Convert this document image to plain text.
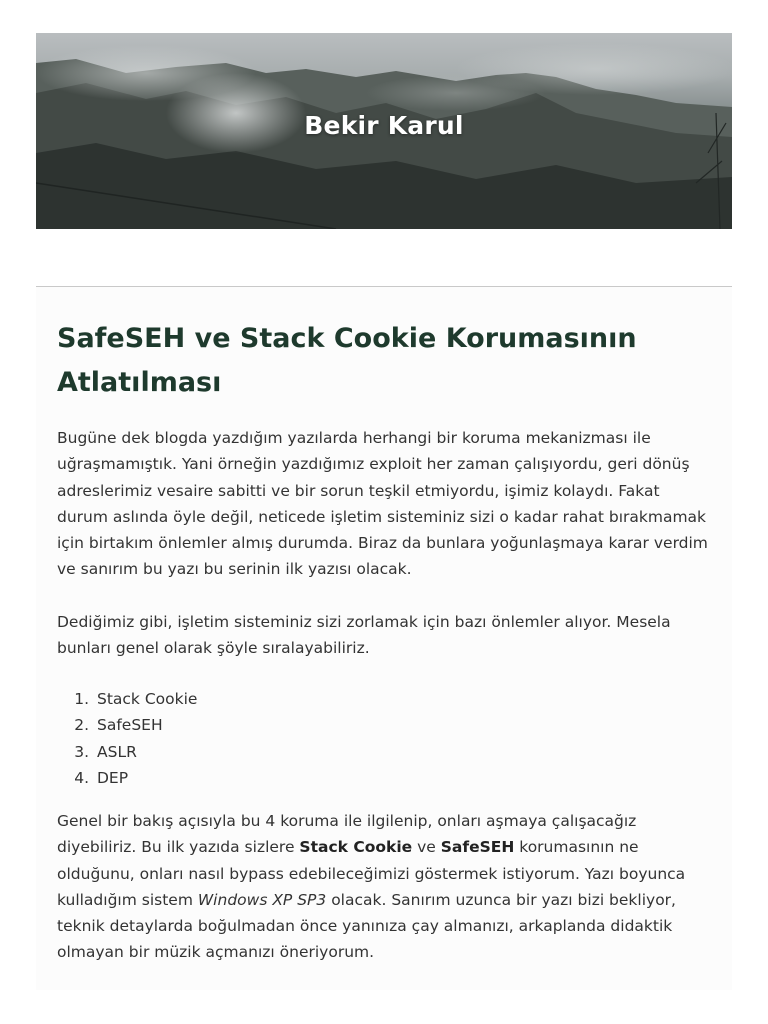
Bekir Karul
SafeSEH ve Stack Cookie Korumasının Atlatılması

Bugüne dek blogda yazdığım yazılarda herhangi bir koruma mekanizması ile uğraşmamıştık. Yani örneğin yazdığımız exploit her zaman çalışıyordu, geri dönüş adreslerimiz vesaire sabitti ve bir sorun teşkil etmiyordu, işimiz kolaydı. Fakat durum aslında öyle değil, neticede işletim sisteminiz sizi o kadar rahat bırakmamak için birtakım önlemler almış durumda. Biraz da bunlara yoğunlaşmaya karar verdim ve sanırım bu yazı bu serinin ilk yazısı olacak.

Dediğimiz gibi, işletim sisteminiz sizi zorlamak için bazı önlemler alıyor. Mesela bunları genel olarak şöyle sıralayabiliriz.

1. Stack Cookie
2. SafeSEH
3. ASLR
4. DEP

Genel bir bakış açısıyla bu 4 koruma ile ilgilenip, onları aşmaya çalışacağız diyebiliriz. Bu ilk yazıda sizlere Stack Cookie ve SafeSEH korumasının ne olduğunu, onları nasıl bypass edebileceğimizi göstermek istiyorum. Yazı boyunca kulladığım sistem Windows XP SP3 olacak. Sanırım uzunca bir yazı bizi bekliyor, teknik detaylarda boğulmadan önce yanınıza çay almanızı, arkaplanda didaktik olmayan bir müzik açmanızı öneriyorum.
